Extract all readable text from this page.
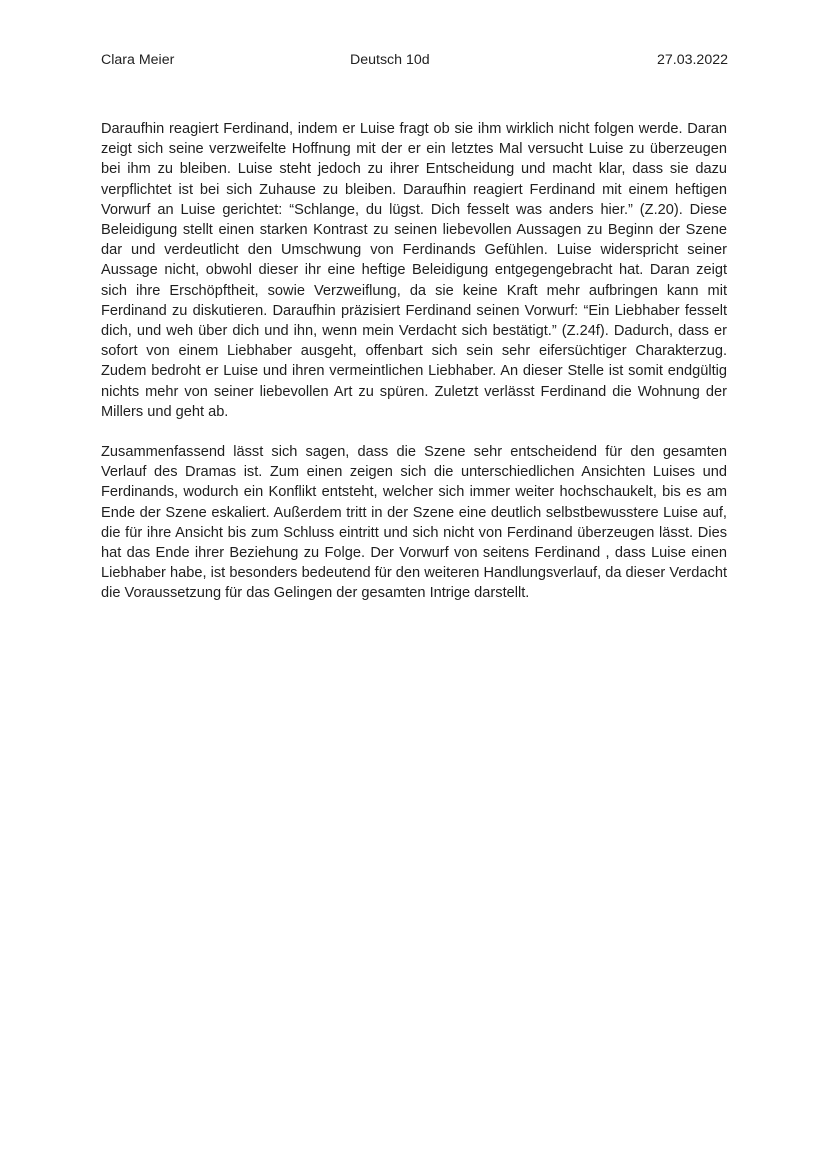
Clara Meier	Deutsch 10d	27.03.2022

Daraufhin reagiert Ferdinand, indem er Luise fragt ob sie ihm wirklich nicht folgen werde. Daran zeigt sich seine verzweifelte Hoffnung mit der er ein letztes Mal versucht Luise zu überzeugen bei ihm zu bleiben. Luise steht jedoch zu ihrer Entscheidung und macht klar, dass sie dazu verpflichtet ist bei sich Zuhause zu bleiben. Daraufhin reagiert Ferdinand mit einem heftigen Vorwurf an Luise gerichtet: “Schlange, du lügst. Dich fesselt was anders hier.” (Z.20). Diese Beleidigung stellt einen starken Kontrast zu seinen liebevollen Aussagen zu Beginn der Szene dar und verdeutlicht den Umschwung von Ferdinands Gefühlen. Luise widerspricht seiner Aussage nicht, obwohl dieser ihr eine heftige Beleidigung entgegengebracht hat. Daran zeigt sich ihre Erschöpftheit, sowie Verzweiflung, da sie keine Kraft mehr aufbringen kann mit Ferdinand zu diskutieren. Daraufhin präzisiert Ferdinand seinen Vorwurf: “Ein Liebhaber fesselt dich, und weh über dich und ihn, wenn mein Verdacht sich bestätigt.” (Z.24f). Dadurch, dass er sofort von einem Liebhaber ausgeht, offenbart sich sein sehr eifersüchtiger Charakterzug. Zudem bedroht er Luise und ihren vermeintlichen Liebhaber. An dieser Stelle ist somit endgültig nichts mehr von seiner liebevollen Art zu spüren. Zuletzt verlässt Ferdinand die Wohnung der Millers und geht ab.

Zusammenfassend lässt sich sagen, dass die Szene sehr entscheidend für den gesamten Verlauf des Dramas ist. Zum einen zeigen sich die unterschiedlichen Ansichten Luises und Ferdinands, wodurch ein Konflikt entsteht, welcher sich immer weiter hochschaukelt, bis es am Ende der Szene eskaliert. Außerdem tritt in der Szene eine deutlich selbstbewusstere Luise auf, die für ihre Ansicht bis zum Schluss eintritt und sich nicht von Ferdinand überzeugen lässt. Dies hat das Ende ihrer Beziehung zu Folge. Der Vorwurf von seitens Ferdinand , dass Luise einen Liebhaber habe, ist besonders bedeutend für den weiteren Handlungsverlauf, da dieser Verdacht die Voraussetzung für das Gelingen der gesamten Intrige darstellt.
